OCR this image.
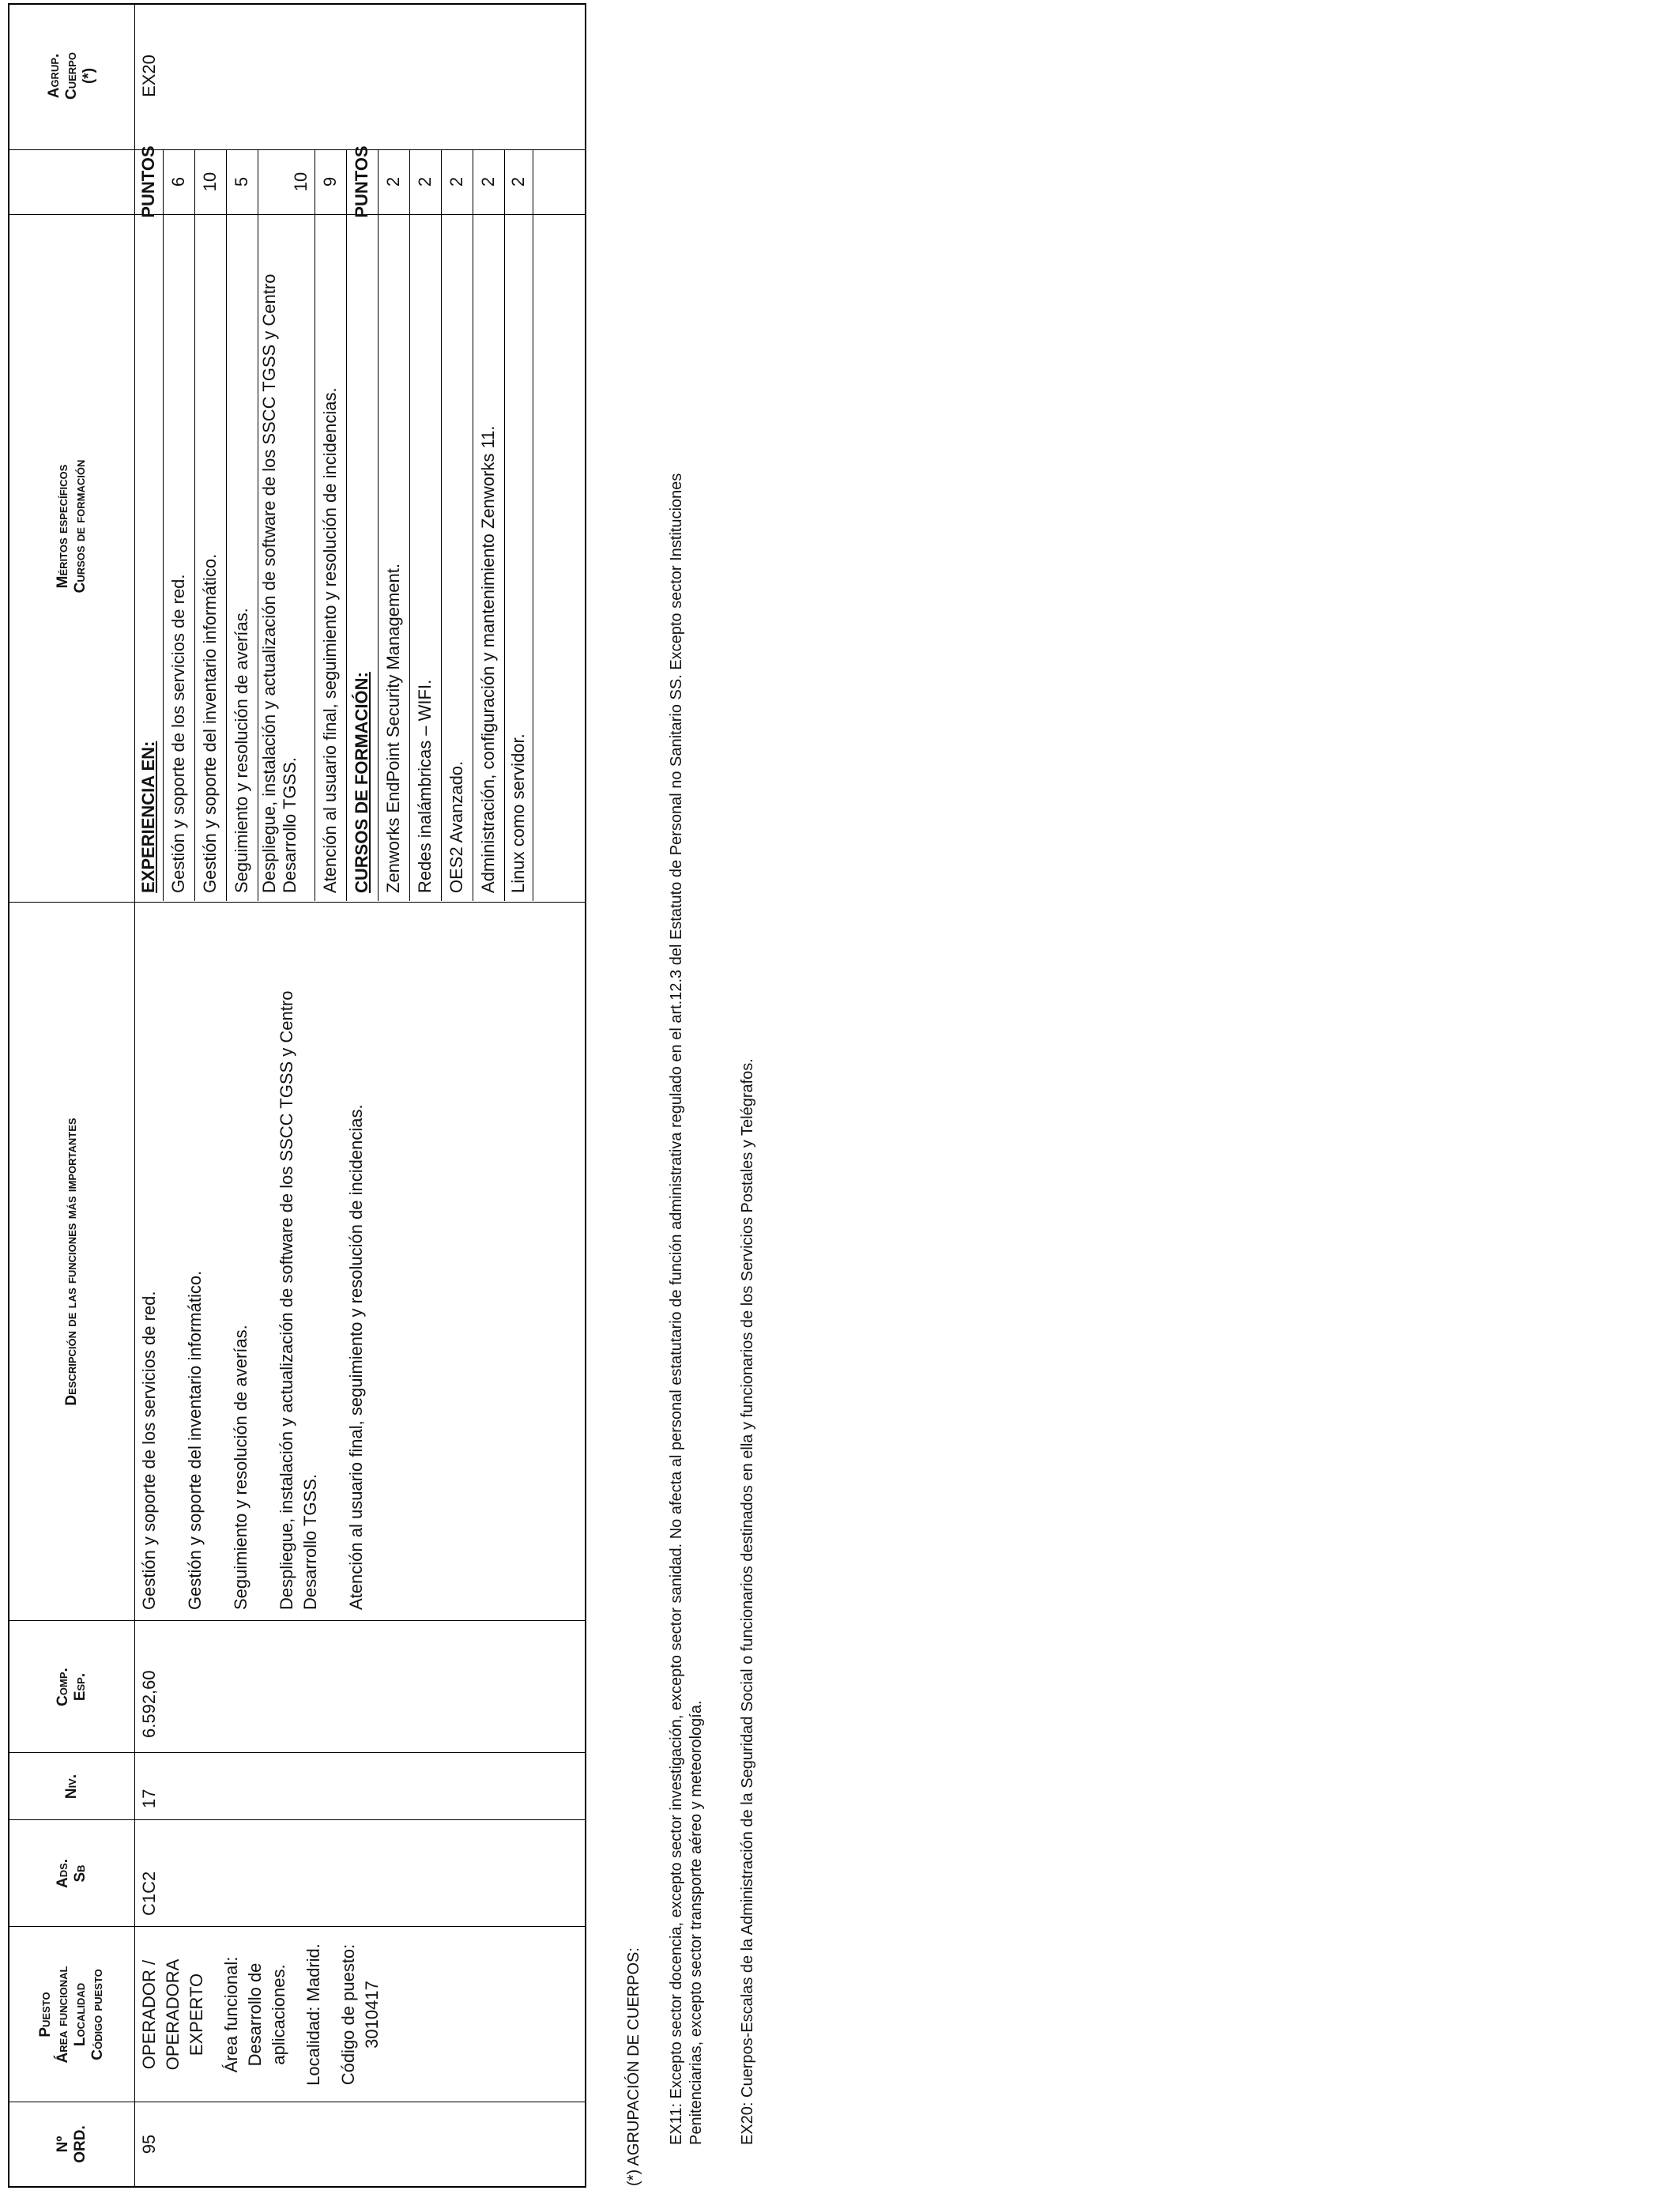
Nº ORD.
Puesto Área funcional Localidad Código puesto
Ads. Sb
Niv.
Comp. Esp.
Descripción de las funciones más importantes
Méritos específicos Cursos de formación
Agrup. Cuerpo (*)
95
OPERADOR / OPERADORA EXPERTO Área funcional: Desarrollo de aplicaciones. Localidad: Madrid. Código de puesto: 3010417
C1C2
17
6.592,60

Gestión y soporte de los servicios de red. Gestión y soporte del inventario informático. Seguimiento y resolución de averías. Despliegue, instalación y actualización de software de los SSCC TGSS y Centro Desarrollo TGSS. Atención al usuario final, seguimiento y resolución de incidencias.

EXPERIENCIA EN: Gestión y soporte de los servicios de red. Gestión y soporte del inventario informático. Seguimiento y resolución de averías. Despliegue, instalación y actualización de software de los SSCC TGSS y Centro Desarrollo TGSS.	Atención al usuario final, seguimiento y resolución de incidencias. CURSOS DE FORMACIÓN: Zenworks EndPoint Security Management. Redes inalámbricas – WIFI. OES2 Avanzado. Administración, configuración y mantenimiento Zenworks 11. Linux como servidor.
PUNTOS 6 10 5	10 9 PUNTOS 2 2 2 2 2
EX20
(*) AGRUPACIÓN DE CUERPOS: EX11: Excepto sector docencia, excepto sector investigación, excepto sector sanidad. No afecta al personal estatutario de función administrativa regulado en el art.12.3 del Estatuto de Personal no Sanitario SS. Excepto sector Instituciones Penitenciarias, excepto sector transporte aéreo y meteorología. EX20: Cuerpos-Escalas de la Administración de la Seguridad Social o funcionarios destinados en ella y funcionarios de los Servicios Postales y Telégrafos.
